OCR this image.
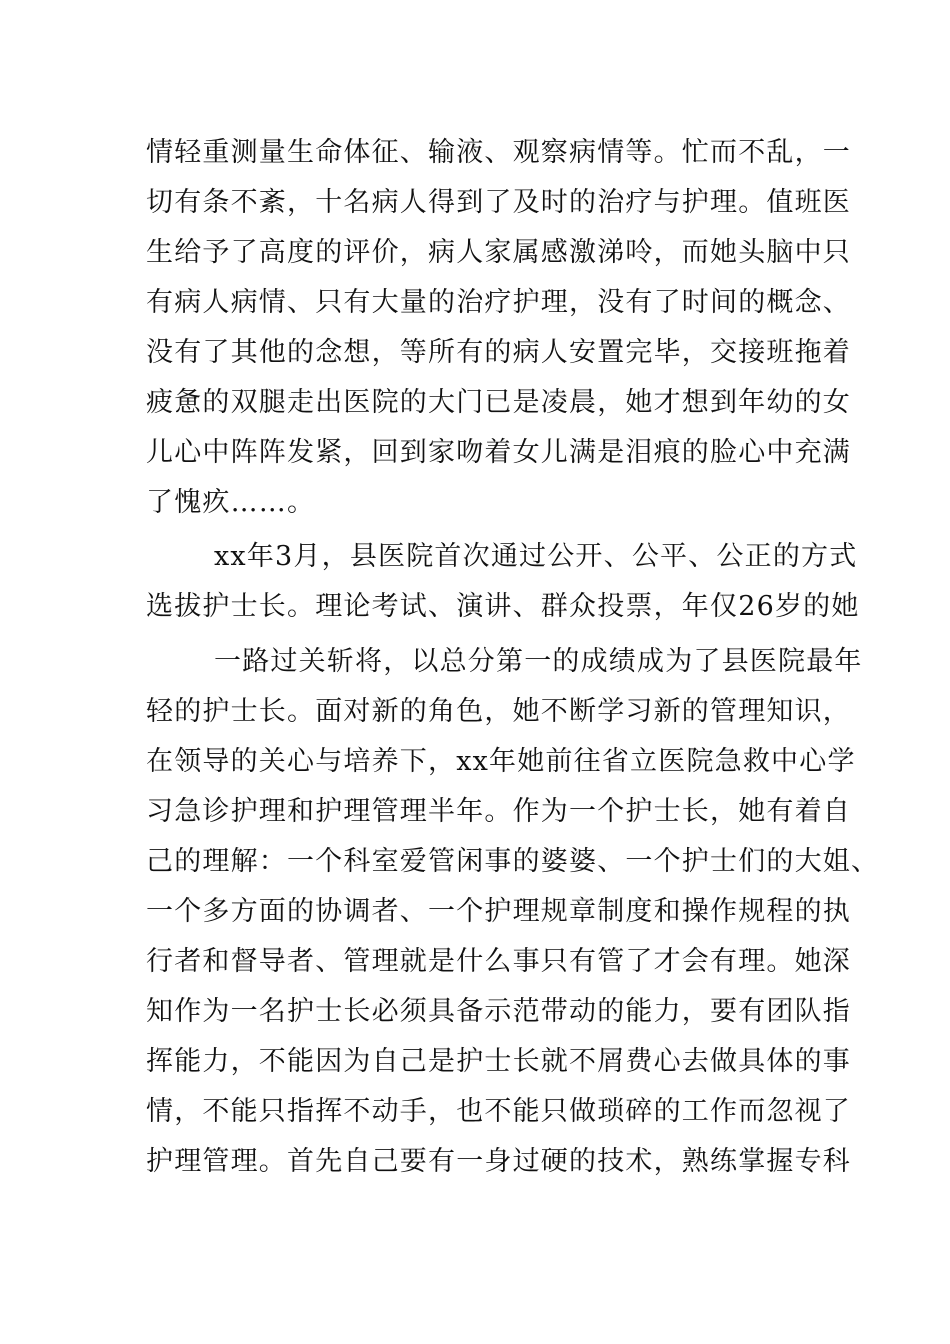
情轻重测量生命体征、输液、观察病情等。忙而不乱，一

切有条不紊，十名病人得到了及时的治疗与护理。值班医

生给予了高度的评价，病人家属感激涕呤，而她头脑中只

有病人病情、只有大量的治疗护理，没有了时间的概念、

没有了其他的念想，等所有的病人安置完毕，交接班拖着

疲惫的双腿走出医院的大门已是凌晨，她才想到年幼的女

儿心中阵阵发紧，回到家吻着女儿满是泪痕的脸心中充满

了愧疚……。

xx年3月，县医院首次通过公开、公平、公正的方式

选拔护士长。理论考试、演讲、群众投票，年仅26岁的她

一路过关斩将，以总分第一的成绩成为了县医院最年

轻的护士长。面对新的角色，她不断学习新的管理知识，

在领导的关心与培养下，xx年她前往省立医院急救中心学

习急诊护理和护理管理半年。作为一个护士长，她有着自

己的理解：一个科室爱管闲事的婆婆、一个护士们的大姐、

一个多方面的协调者、一个护理规章制度和操作规程的执

行者和督导者、管理就是什么事只有管了才会有理。她深

知作为一名护士长必须具备示范带动的能力，要有团队指

挥能力，不能因为自己是护士长就不屑费心去做具体的事

情，不能只指挥不动手，也不能只做琐碎的工作而忽视了

护理管理。首先自己要有一身过硬的技术，熟练掌握专科
